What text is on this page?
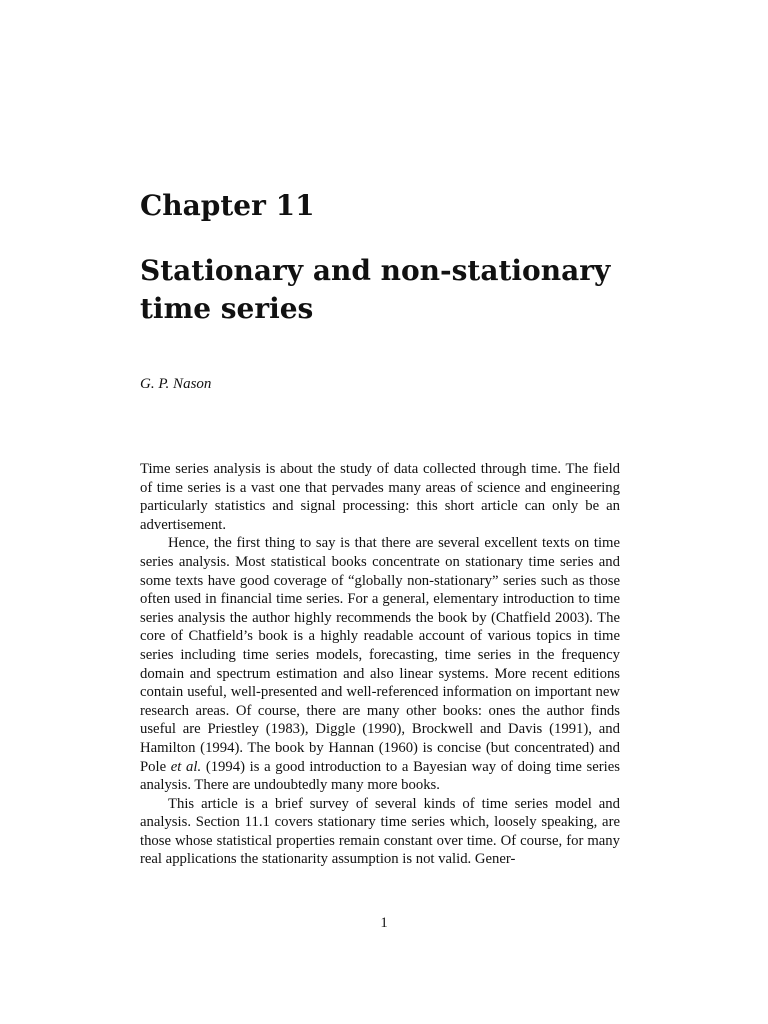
Chapter 11
Stationary and non-stationary time series
G. P. Nason

Time series analysis is about the study of data collected through time. The field of time series is a vast one that pervades many areas of science and engineering particularly statistics and signal processing: this short article can only be an advertisement.

Hence, the first thing to say is that there are several excellent texts on time series analysis. Most statistical books concentrate on stationary time series and some texts have good coverage of “globally non-stationary” series such as those often used in financial time series. For a general, elementary introduction to time series analysis the author highly recommends the book by (Chatfield 2003). The core of Chatfield’s book is a highly readable account of various topics in time series including time series models, forecasting, time series in the frequency domain and spectrum estimation and also linear systems. More recent editions contain useful, well-presented and well-referenced information on important new research areas. Of course, there are many other books: ones the author finds useful are Priestley (1983), Diggle (1990), Brockwell and Davis (1991), and Hamilton (1994). The book by Hannan (1960) is concise (but concentrated) and Pole et al. (1994) is a good introduction to a Bayesian way of doing time series analysis. There are undoubtedly many more books.

This article is a brief survey of several kinds of time series model and analysis. Section 11.1 covers stationary time series which, loosely speaking, are those whose statistical properties remain constant over time. Of course, for many real applications the stationarity assumption is not valid. Gener-

1
